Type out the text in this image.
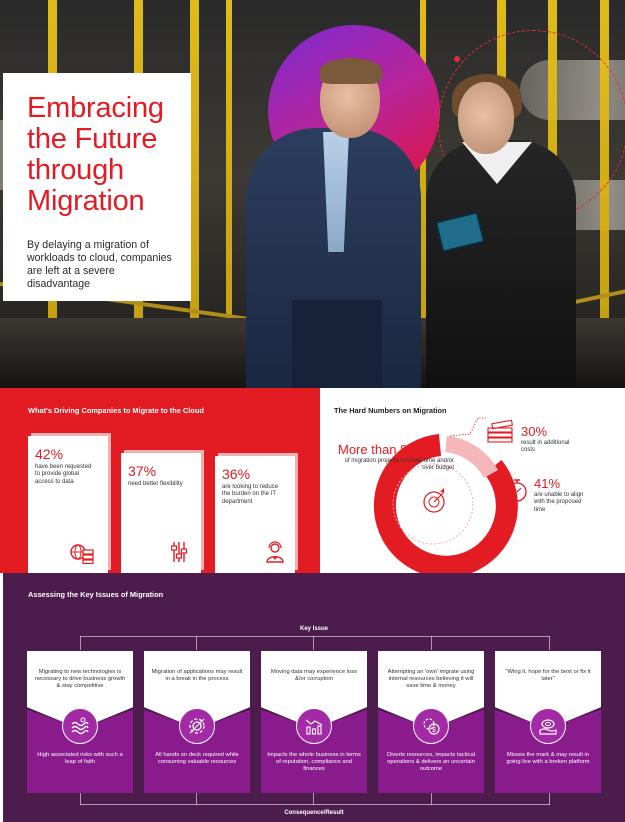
Embracing
the Future
through
Migration
By delaying a migration of workloads to cloud, companies are left at a severe disadvantage
What's Driving Companies to Migrate to the Cloud
42%
have been requested to provide global access to data
37%
need better flexibility
36%
are looking to reduce the burden on the IT department
The Hard Numbers on Migration
More than 80%
of migration projects run over time and/or over budget
30%
result in additional costs
41%
are unable to align with the proposed time
Assessing the Key Issues of Migration
Key Issue
Migrating to new technologies is necessary to drive business growth & stay competitive
High associated risks with such a leap of faith
Migration of applications may result in a break in the process
All hands on deck required while consuming valuable resources
Moving data may experience loss &/or corruption
Impacts the whole business in terms of reputation, compliance and finances
Attempting an 'own' migrate using internal resources believing it will save time & money
$
Diverts resources, impacts tactical operations & delivers an uncertain outcome
"Wing it, hope for the best or fix it later"
Misses the mark & may result in going live with a broken platform
Consequence/Result
